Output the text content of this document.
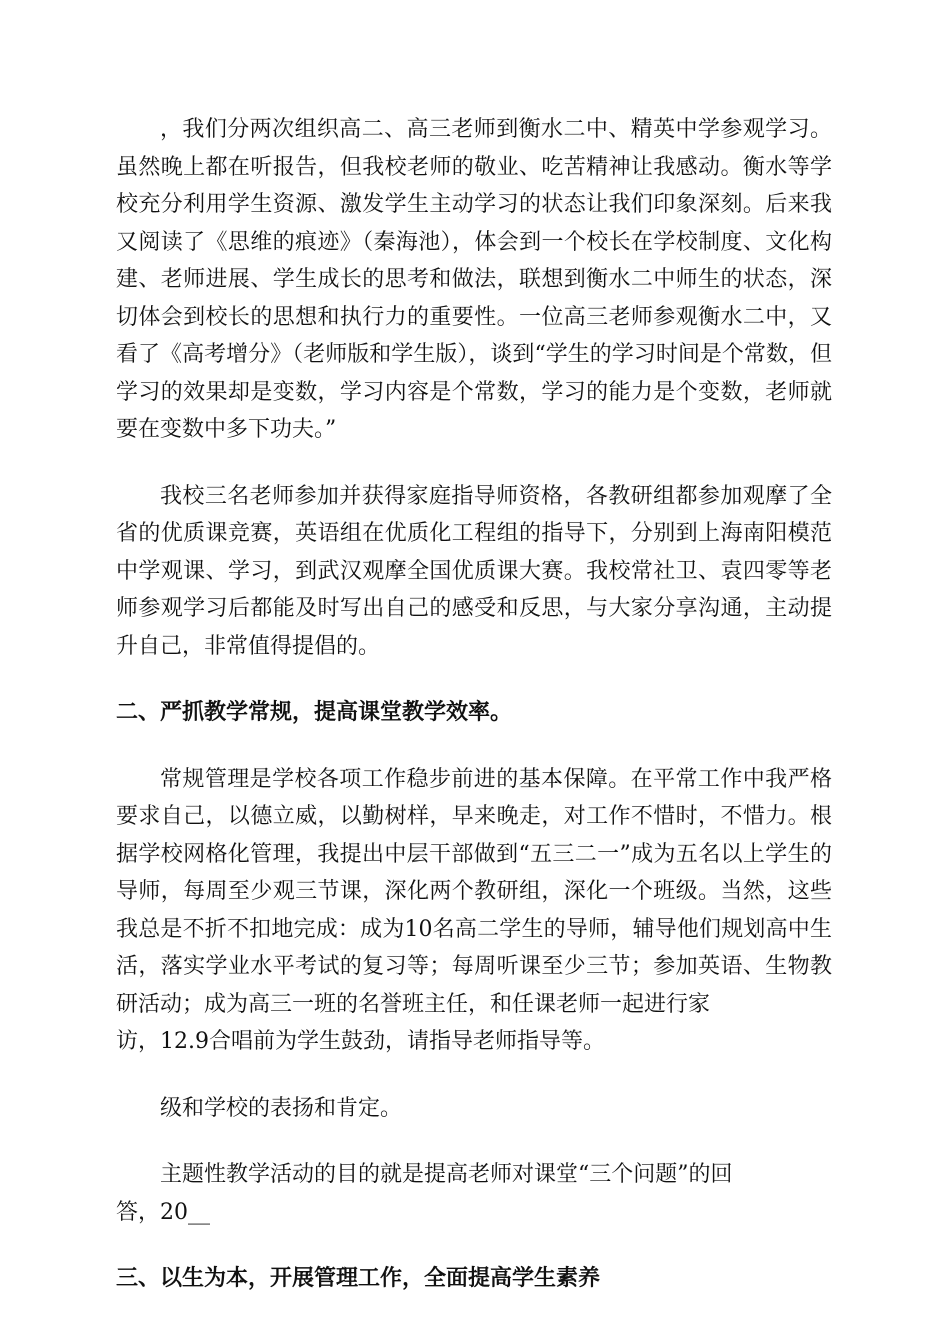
，我们分两次组织高二、高三老师到衡水二中、精英中学参观学习。虽然晚上都在听报告，但我校老师的敬业、吃苦精神让我感动。衡水等学校充分利用学生资源、激发学生主动学习的状态让我们印象深刻。后来我又阅读了《思维的痕迹》（秦海池），体会到一个校长在学校制度、文化构建、老师进展、学生成长的思考和做法，联想到衡水二中师生的状态，深切体会到校长的思想和执行力的重要性。一位高三老师参观衡水二中，又看了《高考增分》（老师版和学生版），谈到“学生的学习时间是个常数，但学习的效果却是变数，学习内容是个常数，学习的能力是个变数，老师就要在变数中多下功夫。”

我校三名老师参加并获得家庭指导师资格，各教研组都参加观摩了全省的优质课竞赛，英语组在优质化工程组的指导下，分别到上海南阳模范中学观课、学习，到武汉观摩全国优质课大赛。我校常社卫、袁四零等老师参观学习后都能及时写出自己的感受和反思，与大家分享沟通，主动提升自己，非常值得提倡的。

二、严抓教学常规，提高课堂教学效率。

常规管理是学校各项工作稳步前进的基本保障。在平常工作中我严格要求自己，以德立威，以勤树样，早来晚走，对工作不惜时，不惜力。根据学校网格化管理，我提出中层干部做到“五三二一”成为五名以上学生的导师，每周至少观三节课，深化两个教研组，深化一个班级。当然，这些我总是不折不扣地完成：成为10名高二学生的导师，辅导他们规划高中生活，落实学业水平考试的复习等；每周听课至少三节；参加英语、生物教研活动；成为高三一班的名誉班主任，和任课老师一起进行家
访，12.9合唱前为学生鼓劲，请指导老师指导等。

级和学校的表扬和肯定。

主题性教学活动的目的就是提高老师对课堂“三个问题”的回
答，20__

三、以生为本，开展管理工作，全面提高学生素养
